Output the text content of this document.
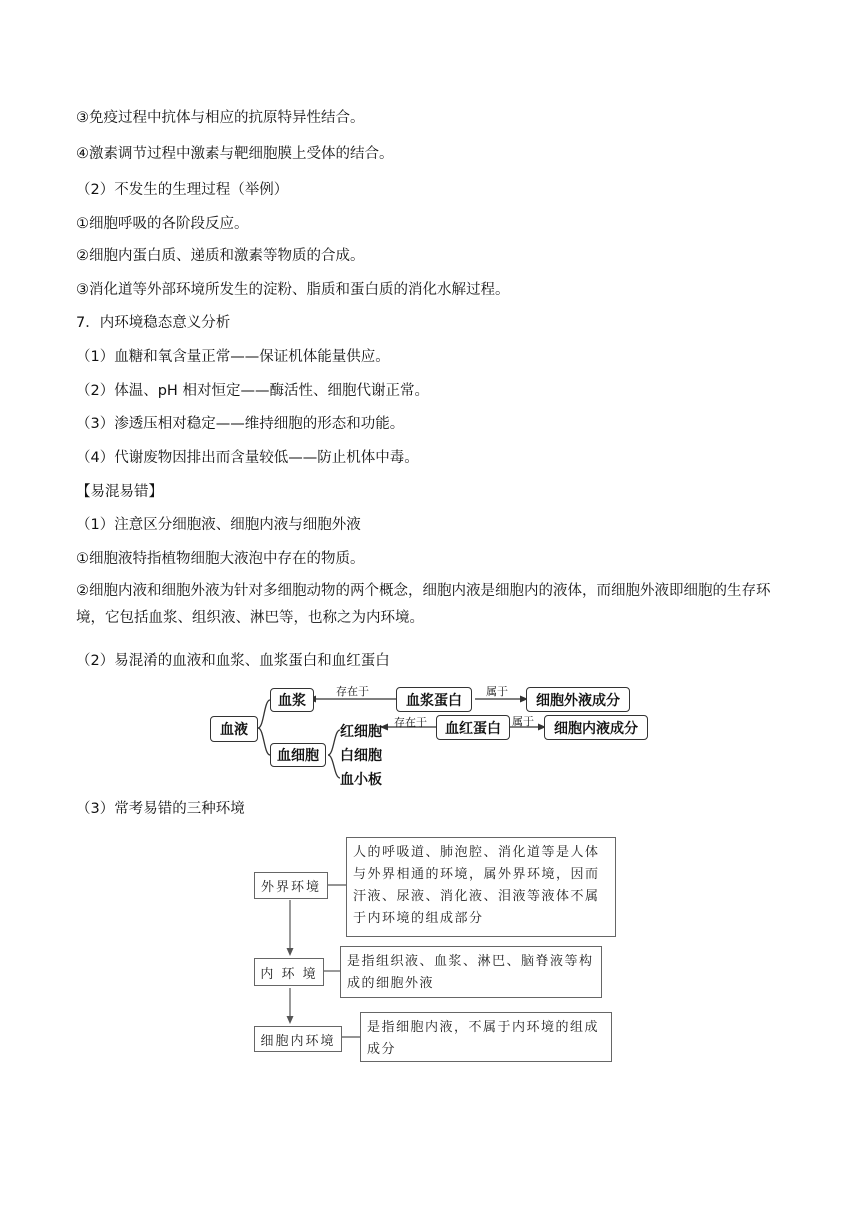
③免疫过程中抗体与相应的抗原特异性结合。
④激素调节过程中激素与靶细胞膜上受体的结合。
（2）不发生的生理过程（举例）
①细胞呼吸的各阶段反应。
②细胞内蛋白质、递质和激素等物质的合成。
③消化道等外部环境所发生的淀粉、脂质和蛋白质的消化水解过程。
7．内环境稳态意义分析
（1）血糖和氧含量正常——保证机体能量供应。
（2）体温、pH 相对恒定——酶活性、细胞代谢正常。
（3）渗透压相对稳定——维持细胞的形态和功能。
（4）代谢废物因排出而含量较低——防止机体中毒。
【易混易错】
（1）注意区分细胞液、细胞内液与细胞外液
①细胞液特指植物细胞大液泡中存在的物质。
②细胞内液和细胞外液为针对多细胞动物的两个概念，细胞内液是细胞内的液体，而细胞外液即细胞的生存环境，它包括血浆、组织液、淋巴等，也称之为内环境。
（2）易混淆的血液和血浆、血浆蛋白和血红蛋白
（3）常考易错的三种环境
血液
血浆
血细胞
血浆蛋白	细胞外液成分
血红蛋白	细胞内液成分
红细胞
白细胞
血小板
存在于	属于
存在于	属于
外界环境
内 环 境
细胞内环境
人的呼吸道、肺泡腔、消化道等是人体与外界相通的环境，属外界环境，因而汗液、尿液、消化液、泪液等液体不属于内环境的组成部分
是指组织液、血浆、淋巴、脑脊液等构成的细胞外液
是指细胞内液，不属于内环境的组成成分
